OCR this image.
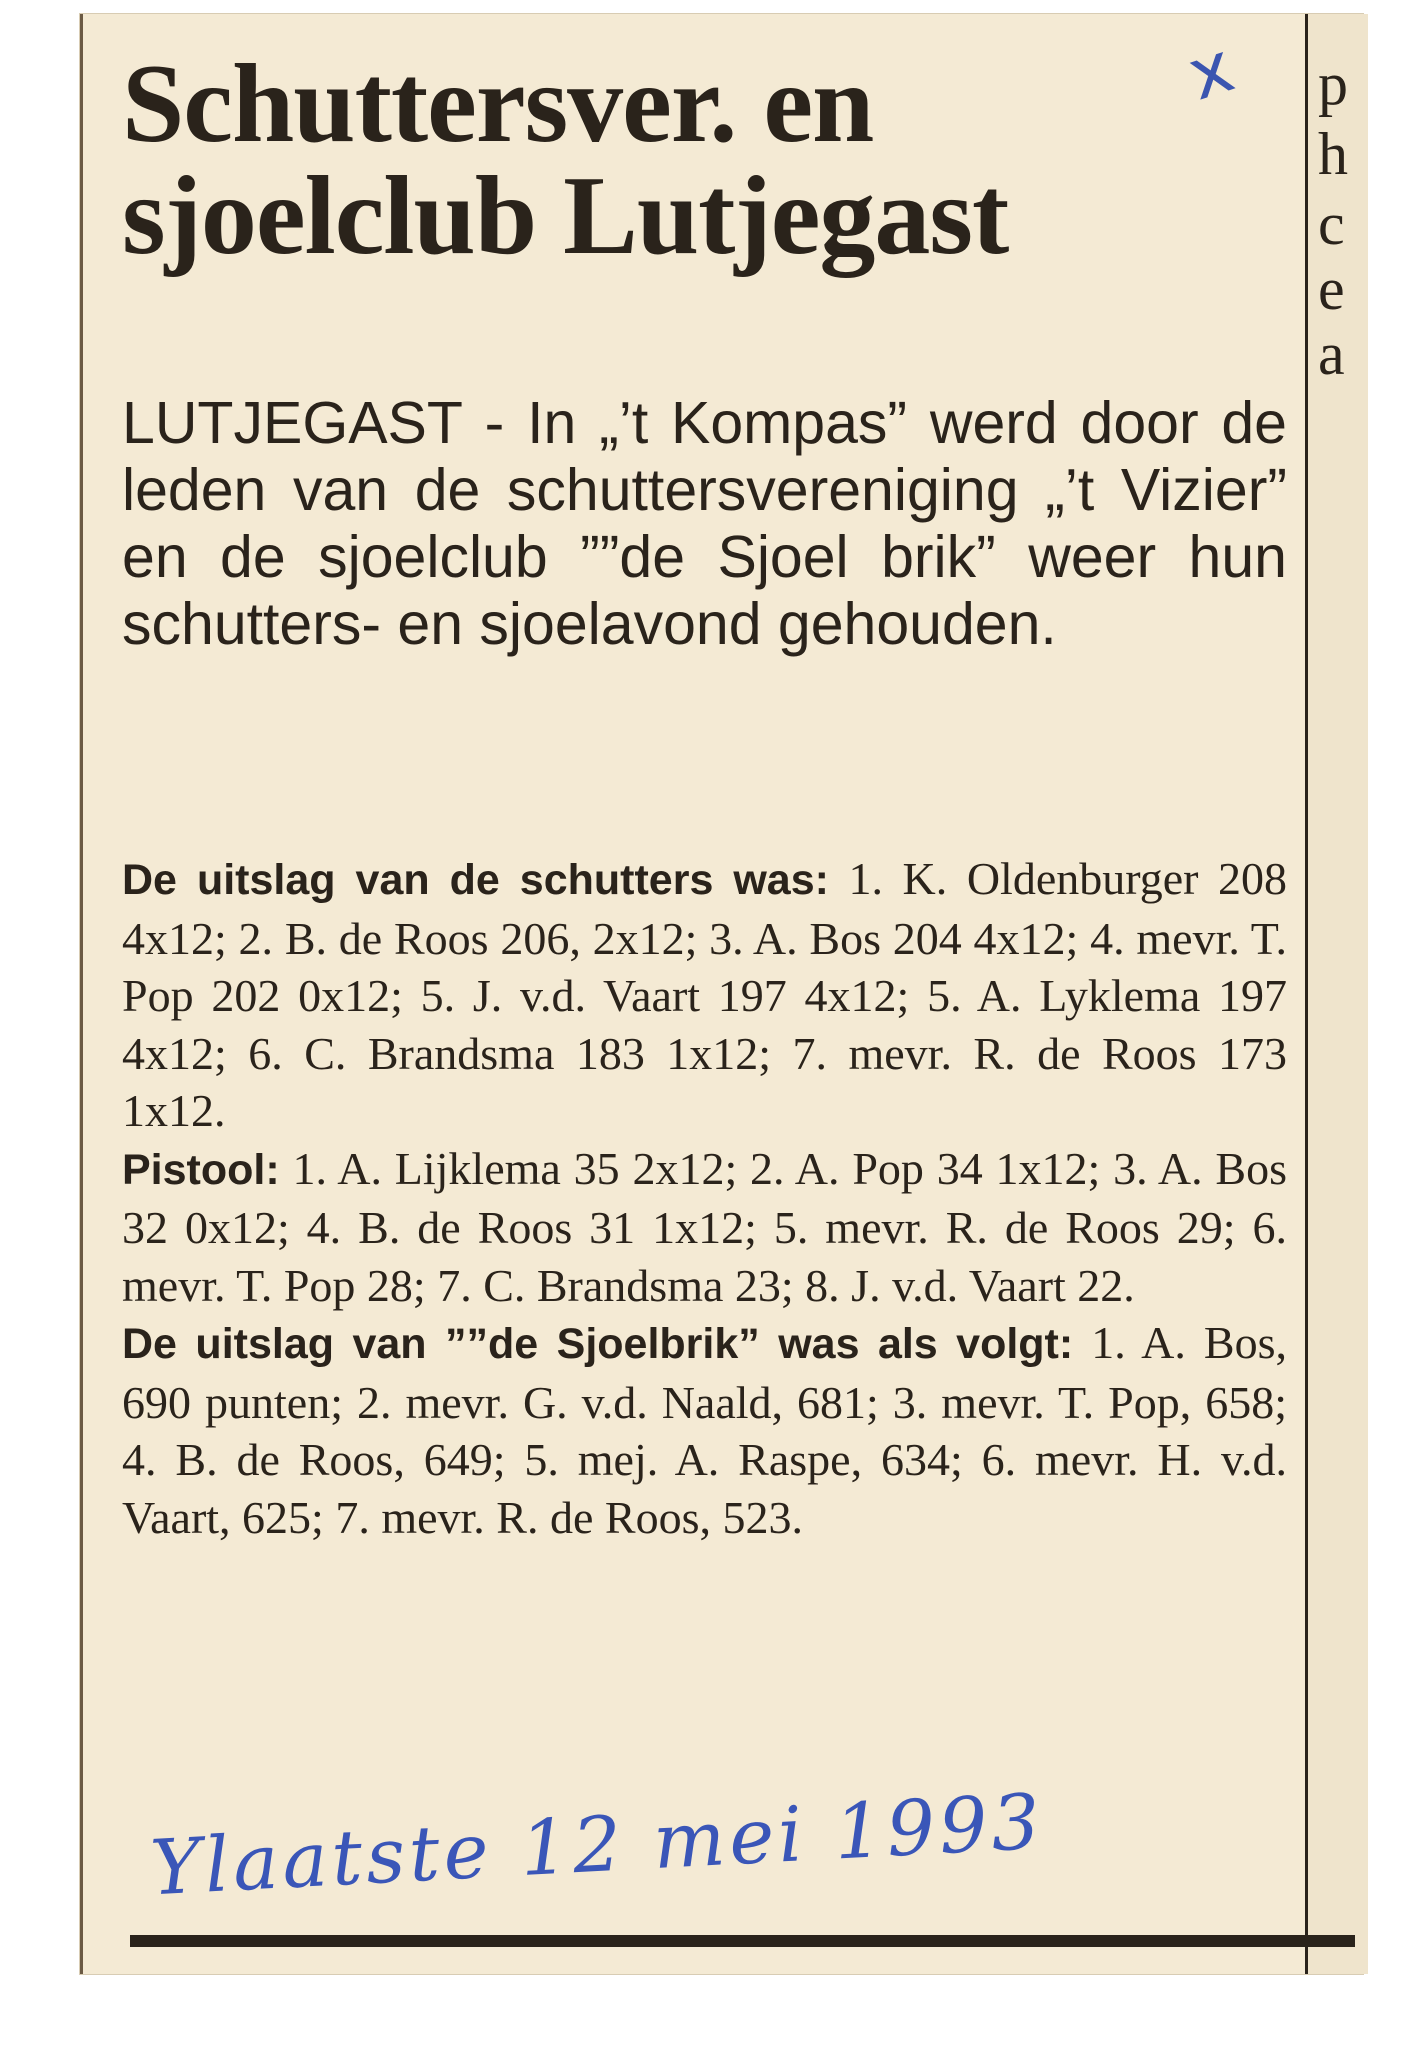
p
h
c
e
a
Schuttersver. en
sjoelclub Lutjegast
x

LUTJEGAST - In „’t Kompas” werd door de leden van de schuttersvereniging „’t Vizier” en de sjoelclub ””de Sjoel brik” weer hun schutters- en sjoelavond gehouden.

De uitslag van de schutters was: 1. K. Oldenburger 208 4x12; 2. B. de Roos 206, 2x12; 3. A. Bos 204 4x12; 4. mevr. T. Pop 202 0x12; 5. J. v.d. Vaart 197 4x12; 5. A. Lyklema 197 4x12; 6. C. Brandsma 183 1x12; 7. mevr. R. de Roos 173 1x12.

Pistool: 1. A. Lijklema 35 2x12; 2. A. Pop 34 1x12; 3. A. Bos 32 0x12; 4. B. de Roos 31 1x12; 5. mevr. R. de Roos 29; 6. mevr. T. Pop 28; 7. C. Brandsma 23; 8. J. v.d. Vaart 22.

De uitslag van ””de Sjoelbrik” was als volgt: 1. A. Bos, 690 punten; 2. mevr. G. v.d. Naald, 681; 3. mevr. T. Pop, 658; 4. B. de Roos, 649; 5. mej. A. Raspe, 634; 6. mevr. H. v.d. Vaart, 625; 7. mevr. R. de Roos, 523.

Ylaatste 12 mei 1993
